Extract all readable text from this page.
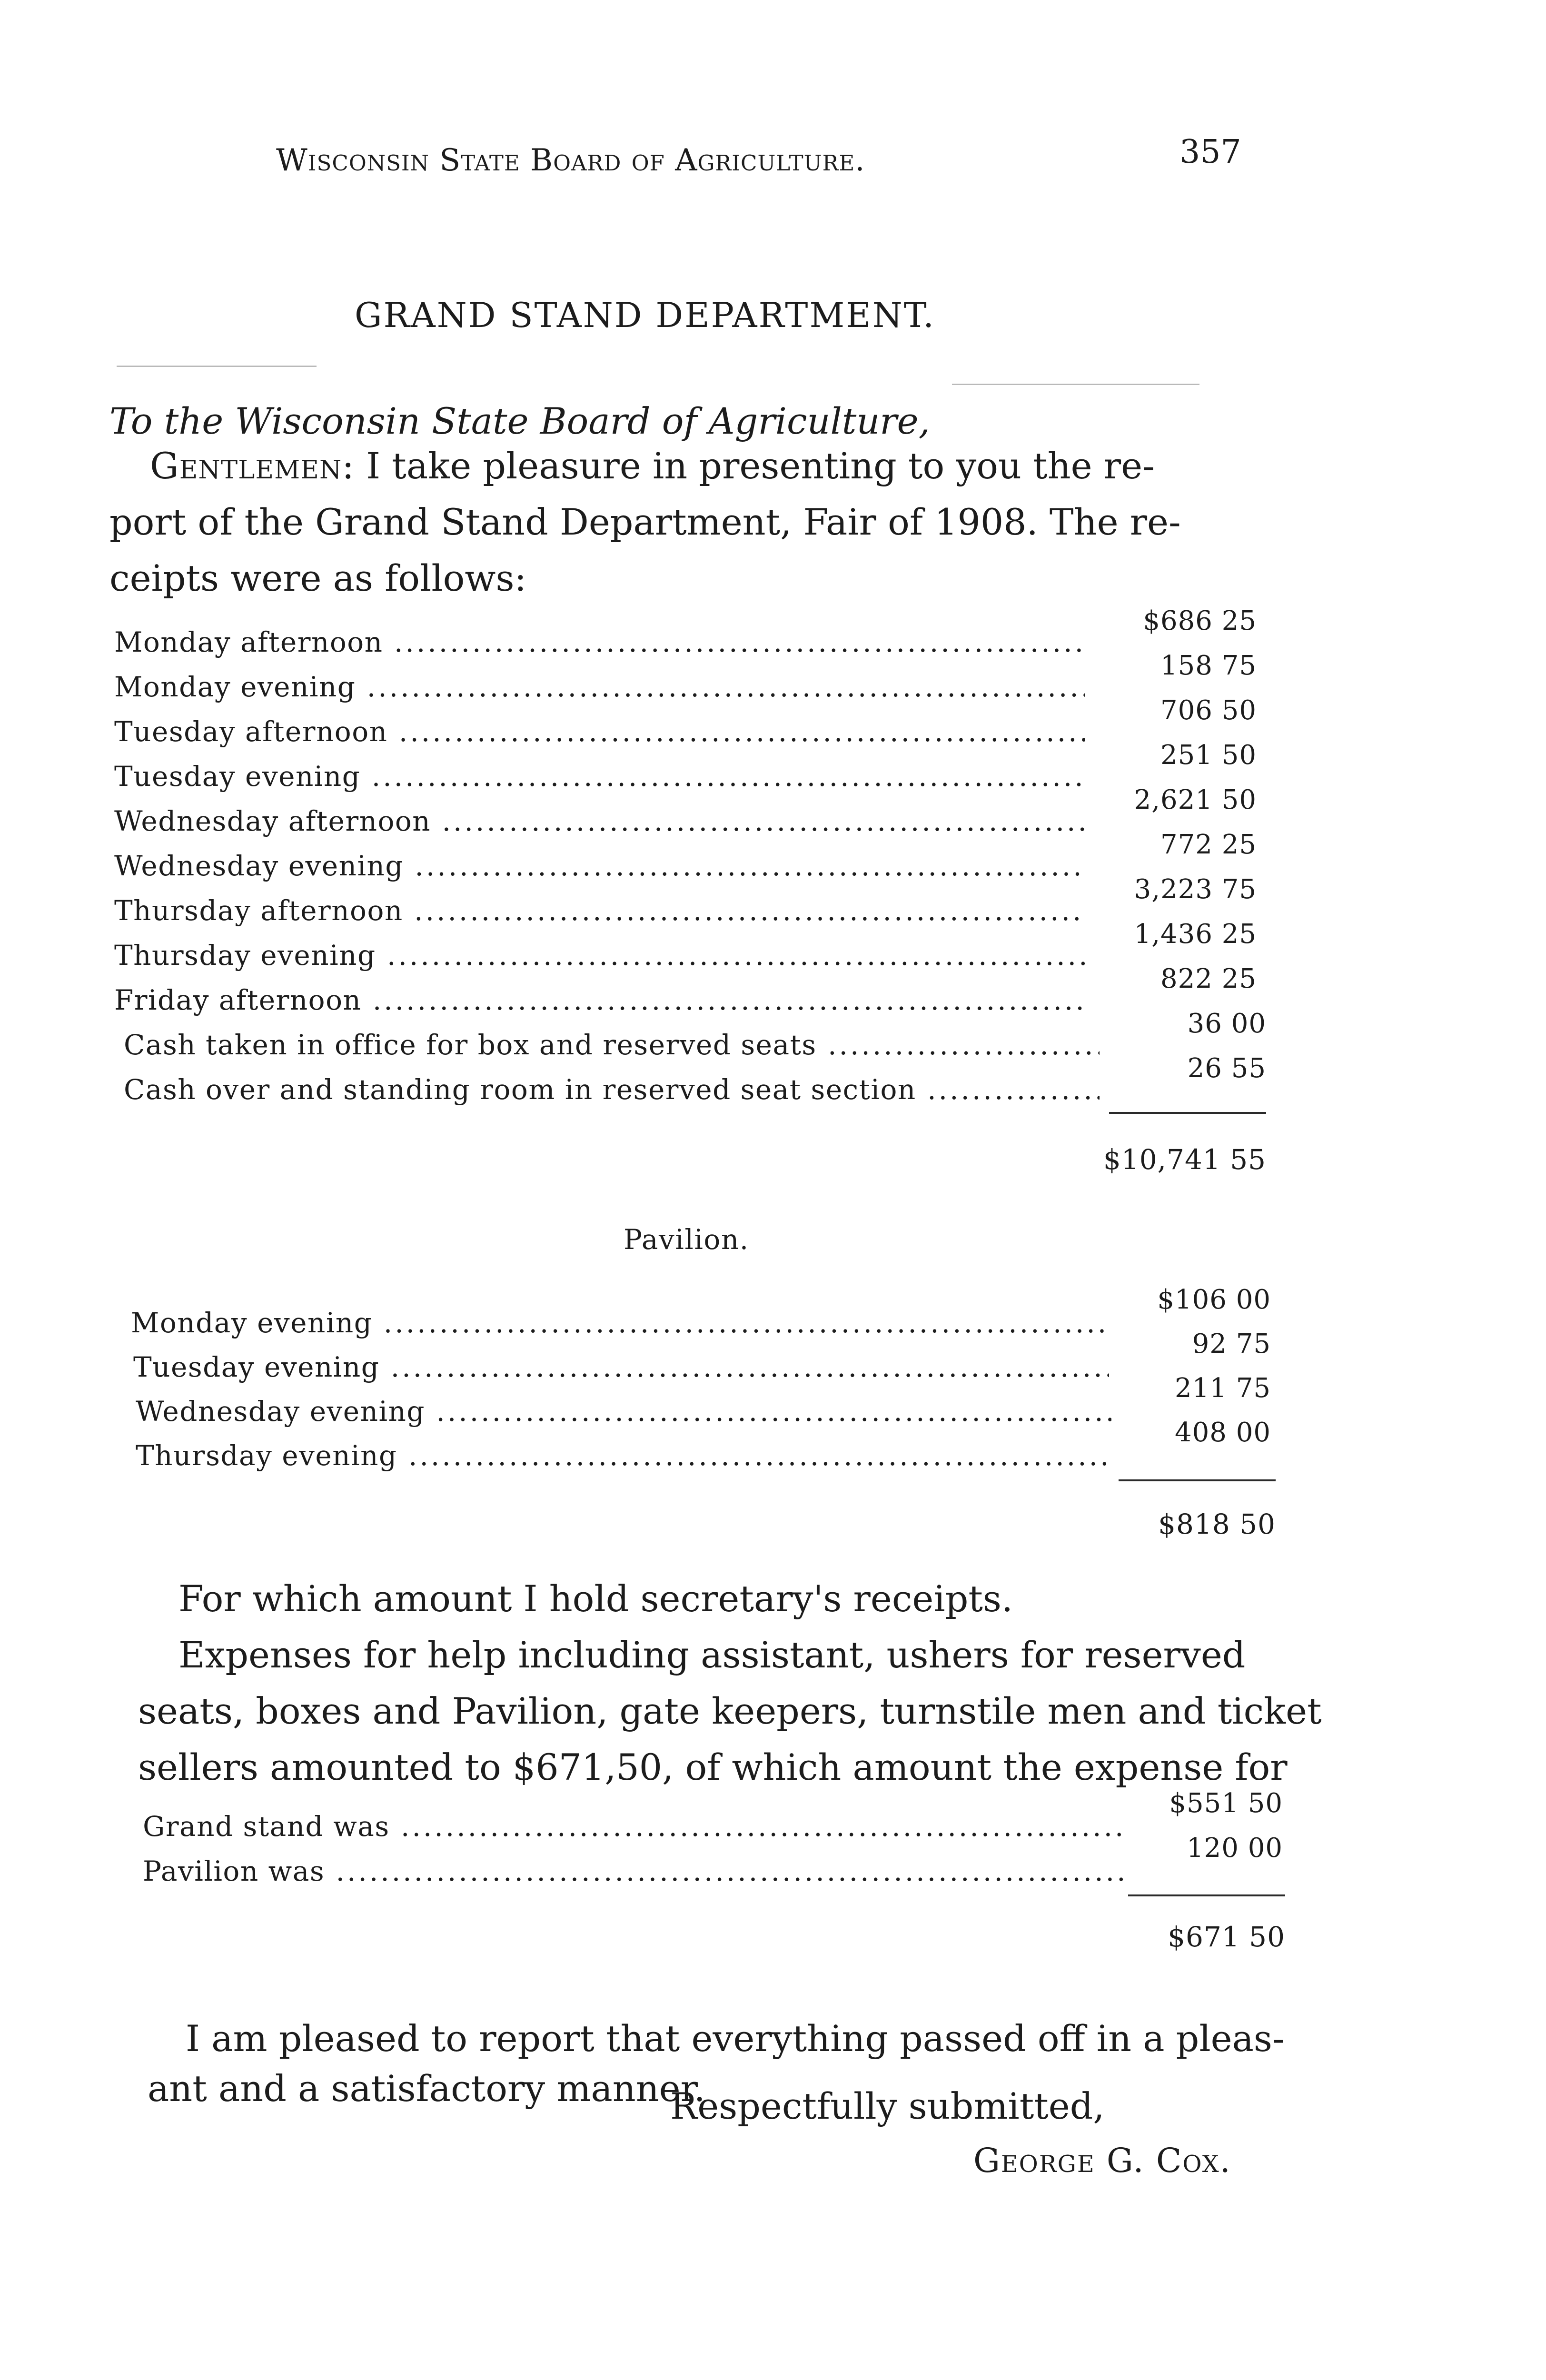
Wisconsin State Board of Agriculture.	357
GRAND STAND DEPARTMENT.
To the Wisconsin State Board of Agriculture,
Gentlemen: I take pleasure in presenting to you the re-
port of the Grand Stand Department, Fair of 1908. The re-
ceipts were as follows:
Monday afternoon .....
$686 25
Monday evening .....
158 75
Tuesday afternoon .....
706 50
Tuesday evening .....
251 50
Wednesday afternoon .....
2,621 50
Wednesday evening .....
772 25
Thursday afternoon .....
3,223 75
Thursday evening .....
1,436 25
Friday afternoon .....
822 25
Cash taken in office for box and reserved seats .....
36 00
Cash over and standing room in reserved seat section .....
26 55
$10,741 55
Pavilion.
Monday evening .....
$106 00
Tuesday evening .....
92 75
Wednesday evening .....
211 75
Thursday evening .....
408 00
$818 50
For which amount I hold secretary's receipts.
Expenses for help including assistant, ushers for reserved
seats, boxes and Pavilion, gate keepers, turnstile men and ticket
sellers amounted to $671,50, of which amount the expense for
Grand stand was .....
$551 50
Pavilion was .....
120 00
$671 50
I am pleased to report that everything passed off in a pleas-
ant and a satisfactory manner.
Respectfully submitted,
George G. Cox.
